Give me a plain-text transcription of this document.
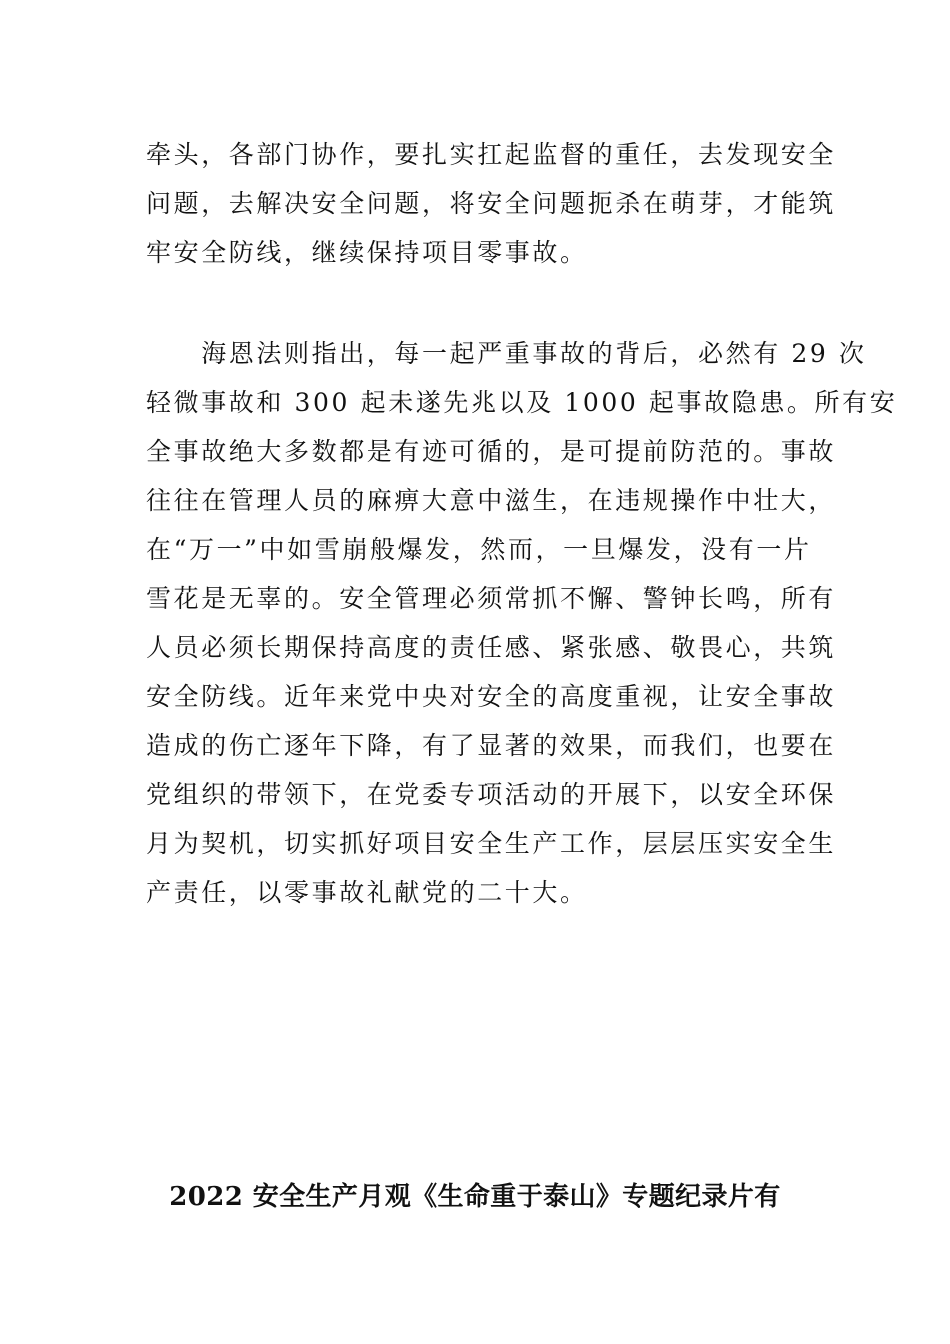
牵头，各部门协作，要扎实扛起监督的重任，去发现安全
问题，去解决安全问题，将安全问题扼杀在萌芽，才能筑
牢安全防线，继续保持项目零事故。
　　海恩法则指出，每一起严重事故的背后，必然有 29 次
轻微事故和 300 起未遂先兆以及 1000 起事故隐患。所有安
全事故绝大多数都是有迹可循的，是可提前防范的。事故
往往在管理人员的麻痹大意中滋生，在违规操作中壮大，
在“万一”中如雪崩般爆发，然而，一旦爆发，没有一片
雪花是无辜的。安全管理必须常抓不懈、警钟长鸣，所有
人员必须长期保持高度的责任感、紧张感、敬畏心，共筑
安全防线。近年来党中央对安全的高度重视，让安全事故
造成的伤亡逐年下降，有了显著的效果，而我们，也要在
党组织的带领下，在党委专项活动的开展下，以安全环保
月为契机，切实抓好项目安全生产工作，层层压实安全生
产责任，以零事故礼献党的二十大。
2022 安全生产月观《生命重于泰山》专题纪录片有
